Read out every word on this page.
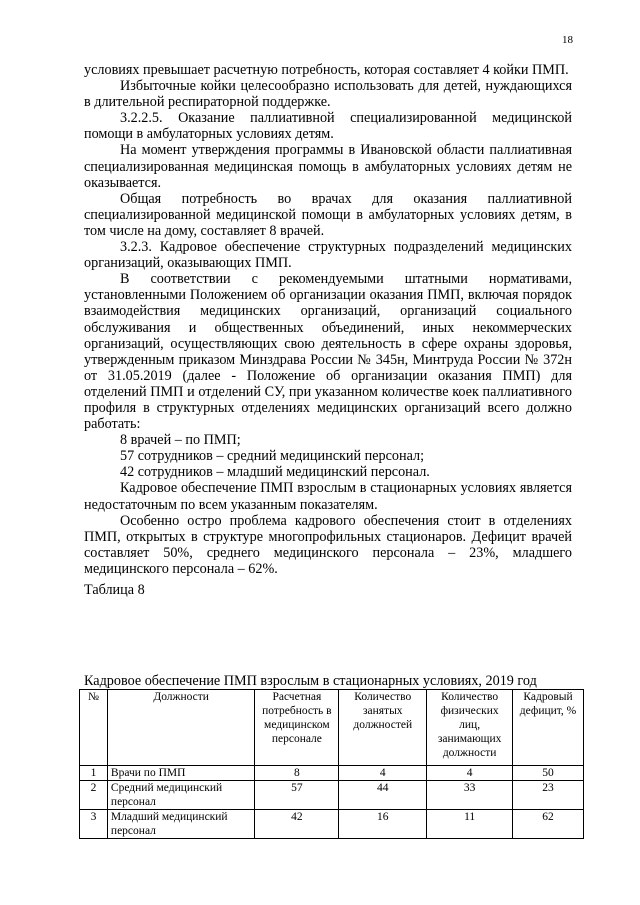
18

условиях превышает расчетную потребность, которая составляет 4 койки ПМП.

Избыточные койки целесообразно использовать для детей, нуждающихся в длительной респираторной поддержке.

3.2.2.5. Оказание паллиативной специализированной медицинской помощи в амбулаторных условиях детям.

На момент утверждения программы в Ивановской области паллиативная специализированная медицинская помощь в амбулаторных условиях детям не оказывается.

Общая потребность во врачах для оказания паллиативной специализированной медицинской помощи в амбулаторных условиях детям, в том числе на дому, составляет 8 врачей.

3.2.3. Кадровое обеспечение структурных подразделений медицинских организаций, оказывающих ПМП.

В соответствии с рекомендуемыми штатными нормативами, установленными Положением об организации оказания ПМП, включая порядок взаимодействия медицинских организаций, организаций социального обслуживания и общественных объединений, иных некоммерческих организаций, осуществляющих свою деятельность в сфере охраны здоровья, утвержденным приказом Минздрава России № 345н, Минтруда России № 372н от 31.05.2019 (далее - Положение об организации оказания ПМП) для отделений ПМП и отделений СУ, при указанном количестве коек паллиативного профиля в структурных отделениях медицинских организаций всего должно работать:

8 врачей – по ПМП;

57 сотрудников – средний медицинский персонал;

42 сотрудников – младший медицинский персонал.

Кадровое обеспечение ПМП взрослым в стационарных условиях является недостаточным по всем указанным показателям.

Особенно остро проблема кадрового обеспечения стоит в отделениях ПМП, открытых в структуре многопрофильных стационаров. Дефицит врачей составляет 50%, среднего медицинского персонала – 23%, младшего медицинского персонала – 62%.

Таблица 8

Кадровое обеспечение ПМП взрослым в стационарных условиях, 2019 год
№	Должности	Расчетная потребность в медицинском персонале	Количество занятых должностей	Количество физических лиц, занимающих должности	Кадровый дефицит, %
1	Врачи по ПМП	8	4	4	50
2	Средний медицинский персонал	57	44	33	23
3	Младший медицинский персонал	42	16	11	62
